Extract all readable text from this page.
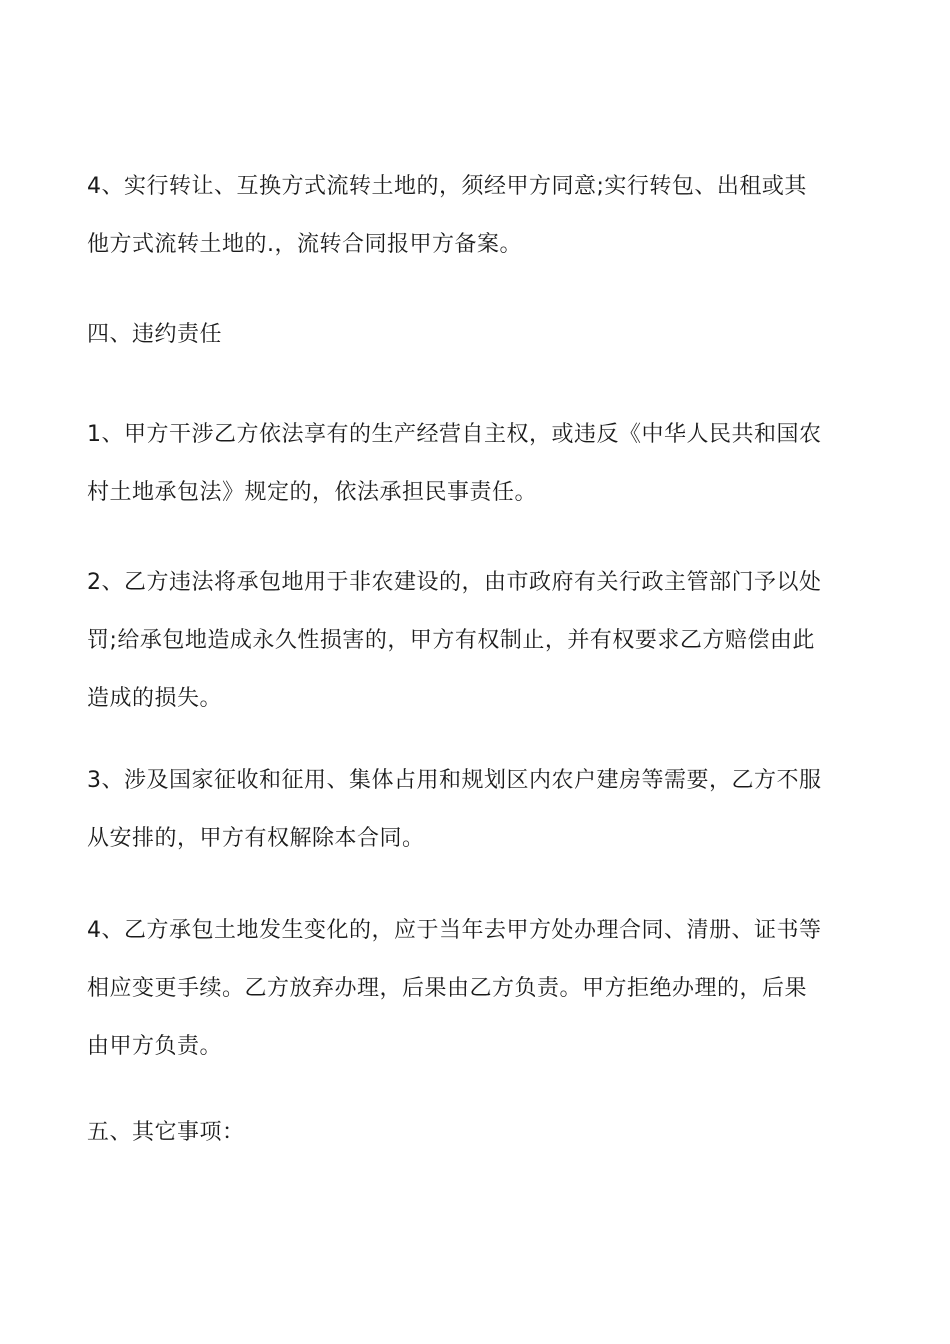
4、实行转让、互换方式流转土地的，须经甲方同意;实行转包、出租或其
他方式流转土地的.，流转合同报甲方备案。

四、违约责任

1、甲方干涉乙方依法享有的生产经营自主权，或违反《中华人民共和国农
村土地承包法》规定的，依法承担民事责任。

2、乙方违法将承包地用于非农建设的，由市政府有关行政主管部门予以处
罚;给承包地造成永久性损害的，甲方有权制止，并有权要求乙方赔偿由此
造成的损失。

3、涉及国家征收和征用、集体占用和规划区内农户建房等需要，乙方不服
从安排的，甲方有权解除本合同。

4、乙方承包土地发生变化的，应于当年去甲方处办理合同、清册、证书等
相应变更手续。乙方放弃办理，后果由乙方负责。甲方拒绝办理的，后果
由甲方负责。

五、其它事项：
